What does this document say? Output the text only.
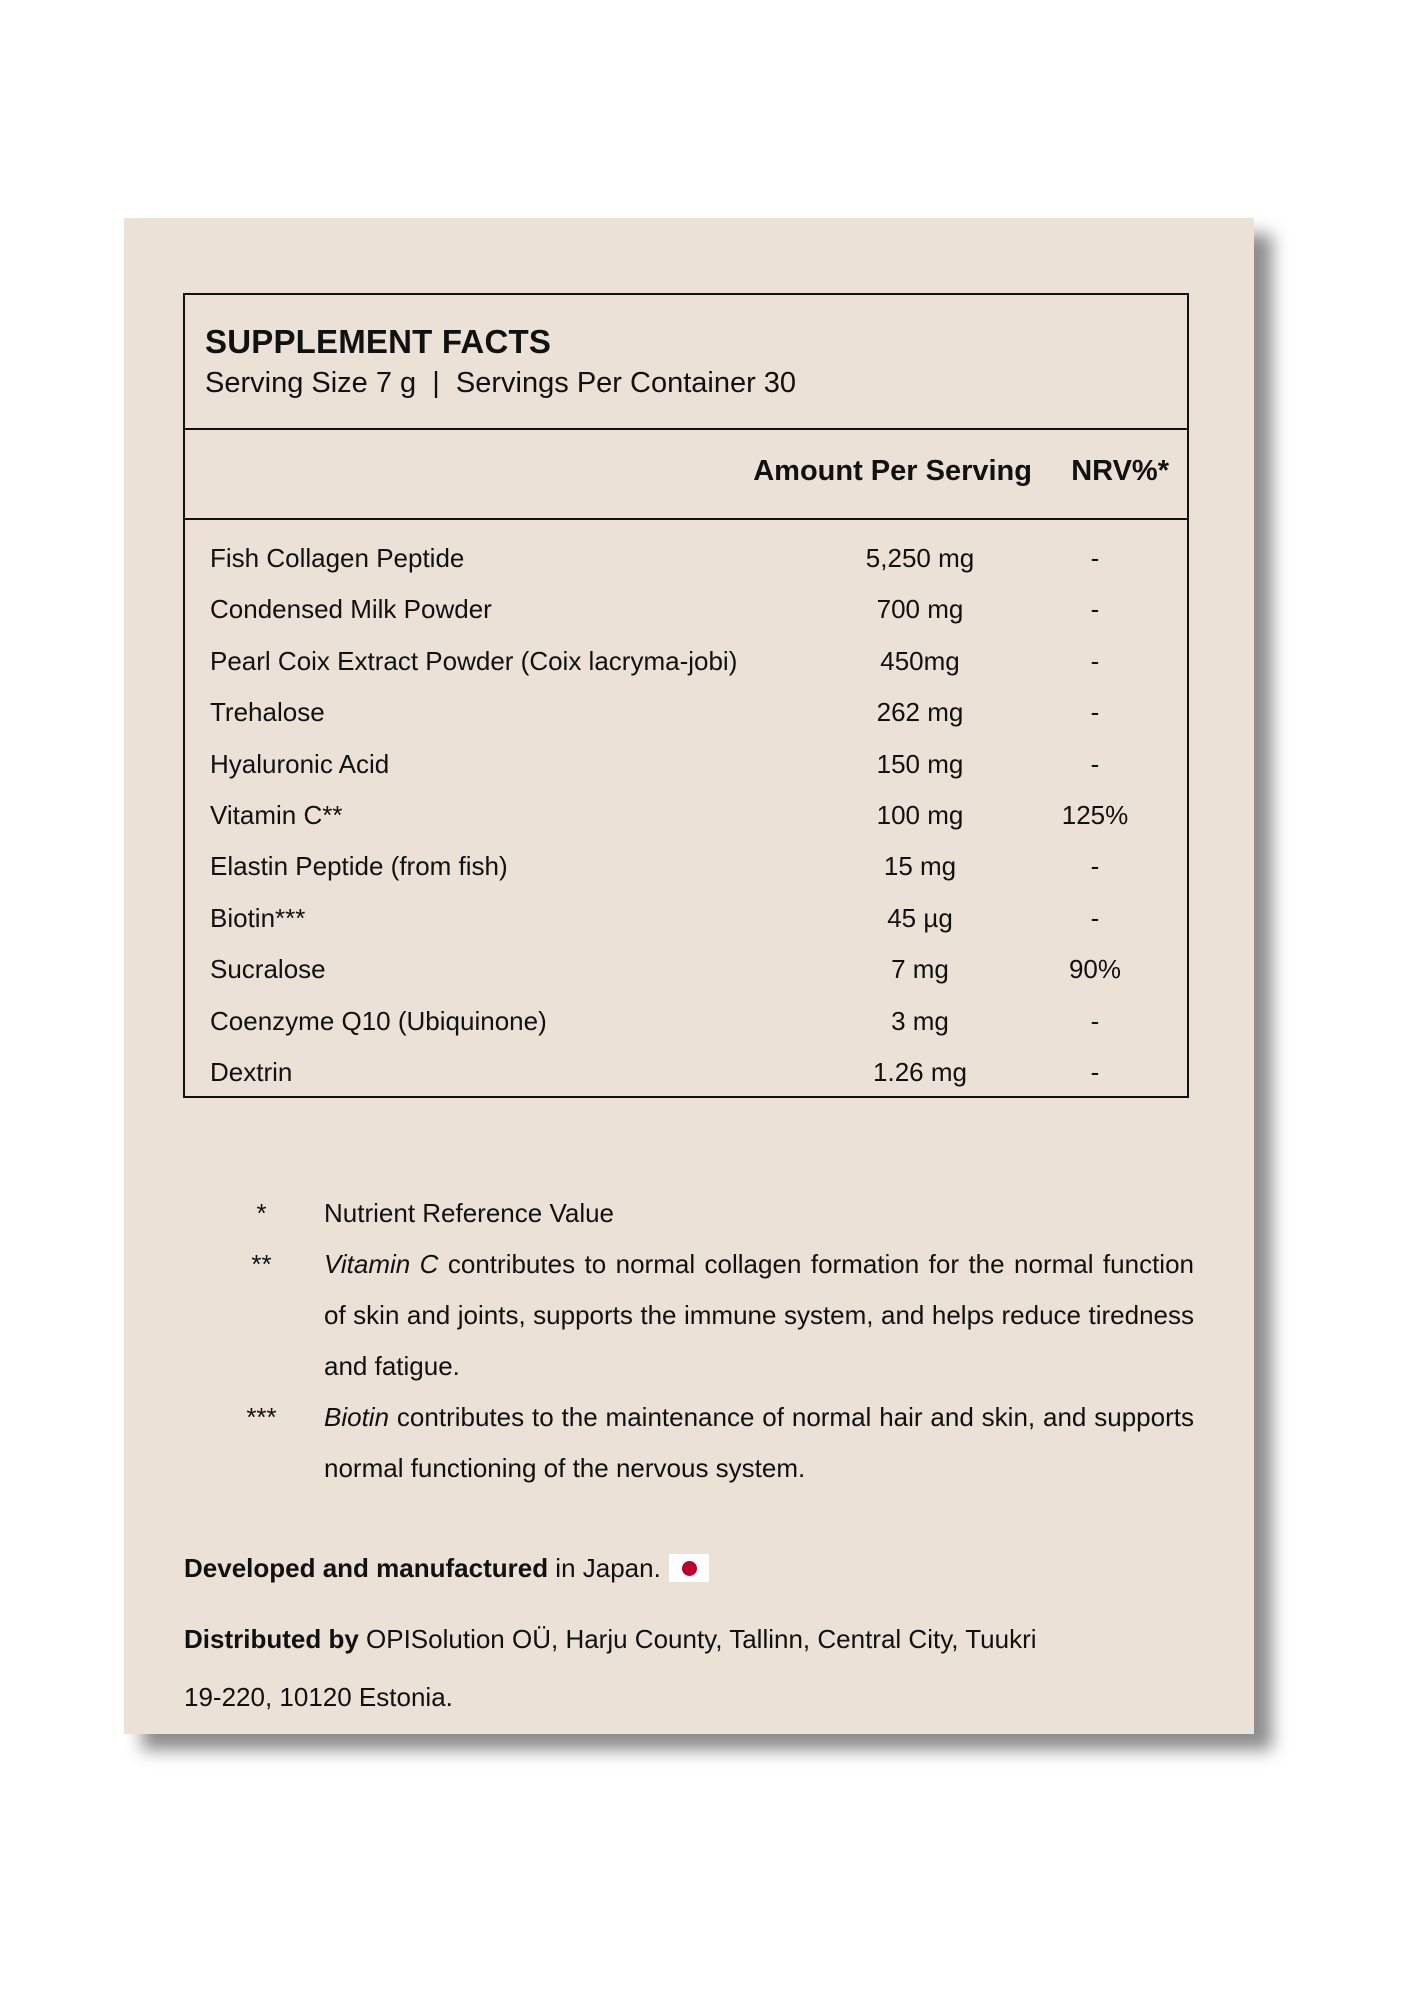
SUPPLEMENT FACTS
Serving Size 7 g  |  Servings Per Container 30
Amount Per Serving NRV%*
Fish Collagen Peptide	5,250 mg	-
Condensed Milk Powder	700 mg	-
Pearl Coix Extract Powder (Coix lacryma-jobi)	450mg	-
Trehalose	262 mg	-
Hyaluronic Acid	150 mg	-
Vitamin C**	100 mg	125%
Elastin Peptide (from fish)	15 mg	-
Biotin***	45 µg	-
Sucralose	7 mg	90%
Coenzyme Q10 (Ubiquinone)	3 mg	-
Dextrin	1.26 mg	-
*	Nutrient Reference Value
**	Vitamin C contributes to normal collagen formation for the normal function of skin and joints, supports the immune system, and helps reduce tiredness and fatigue.
***	Biotin contributes to the maintenance of normal hair and skin, and supports normal functioning of the nervous system.
Developed and manufactured in Japan.
Distributed by OPISolution OÜ, Harju County, Tallinn, Central City, Tuukri
19-220, 10120 Estonia.
